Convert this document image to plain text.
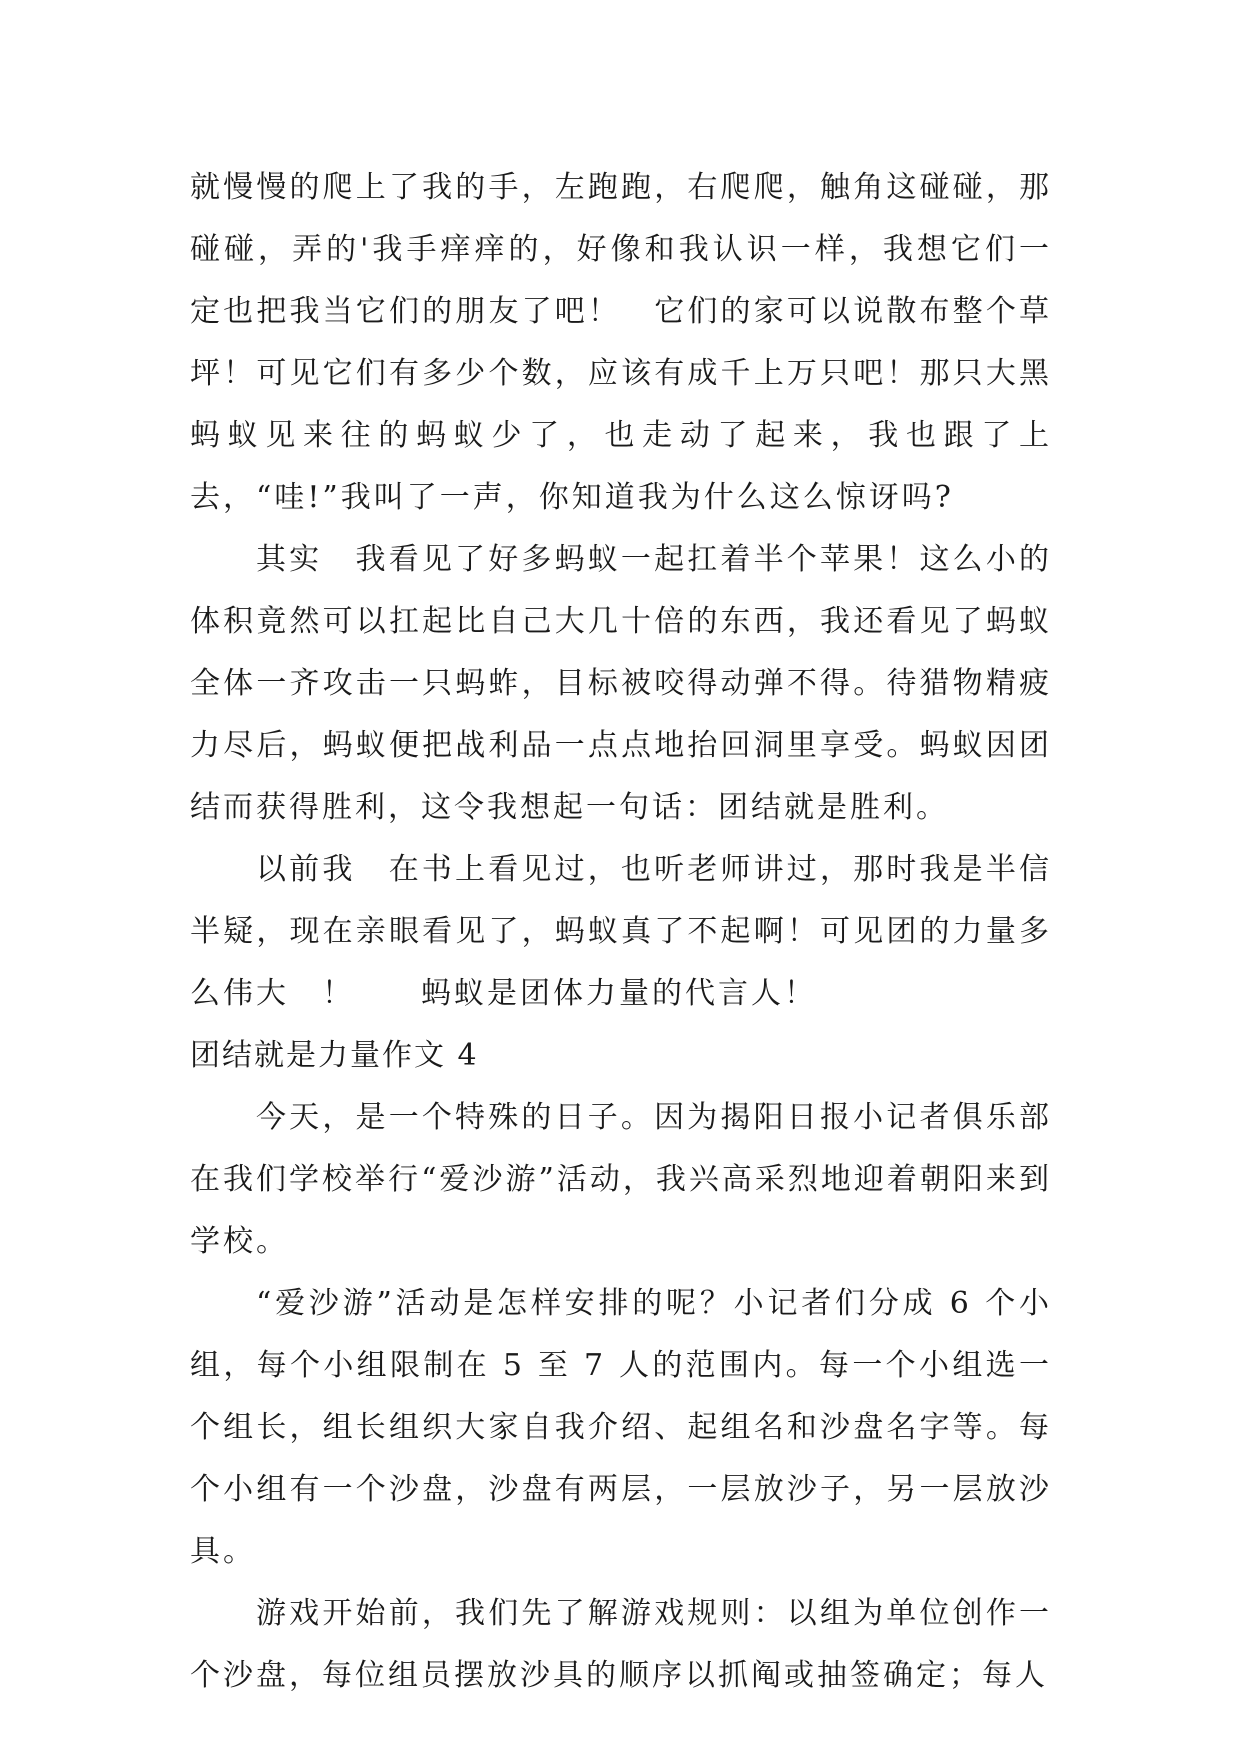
就慢慢的爬上了我的手，左跑跑，右爬爬，触角这碰碰，那碰碰，弄的'我手痒痒的，好像和我认识一样，我想它们一定也把我当它们的朋友了吧！　它们的家可以说散布整个草坪！可见它们有多少个数，应该有成千上万只吧！那只大黑蚂蚁见来往的蚂蚁少了，也走动了起来，我也跟了上去，“哇!”我叫了一声，你知道我为什么这么惊讶吗?

其实　我看见了好多蚂蚁一起扛着半个苹果！这么小的体积竟然可以扛起比自己大几十倍的东西，我还看见了蚂蚁全体一齐攻击一只蚂蚱，目标被咬得动弹不得。待猎物精疲力尽后，蚂蚁便把战利品一点点地抬回洞里享受。蚂蚁因团结而获得胜利，这令我想起一句话：团结就是胜利。

以前我　在书上看见过，也听老师讲过，那时我是半信半疑，现在亲眼看见了，蚂蚁真了不起啊！可见团的力量多么伟大　！　　蚂蚁是团体力量的代言人！

团结就是力量作文 4

今天，是一个特殊的日子。因为揭阳日报小记者俱乐部在我们学校举行“爱沙游”活动，我兴高采烈地迎着朝阳来到学校。

“爱沙游”活动是怎样安排的呢？小记者们分成 6 个小组，每个小组限制在 5 至 7 人的范围内。每一个小组选一个组长，组长组织大家自我介绍、起组名和沙盘名字等。每个小组有一个沙盘，沙盘有两层，一层放沙子，另一层放沙具。

游戏开始前，我们先了解游戏规则：以组为单位创作一个沙盘，每位组员摆放沙具的顺序以抓阄或抽签确定；每人
